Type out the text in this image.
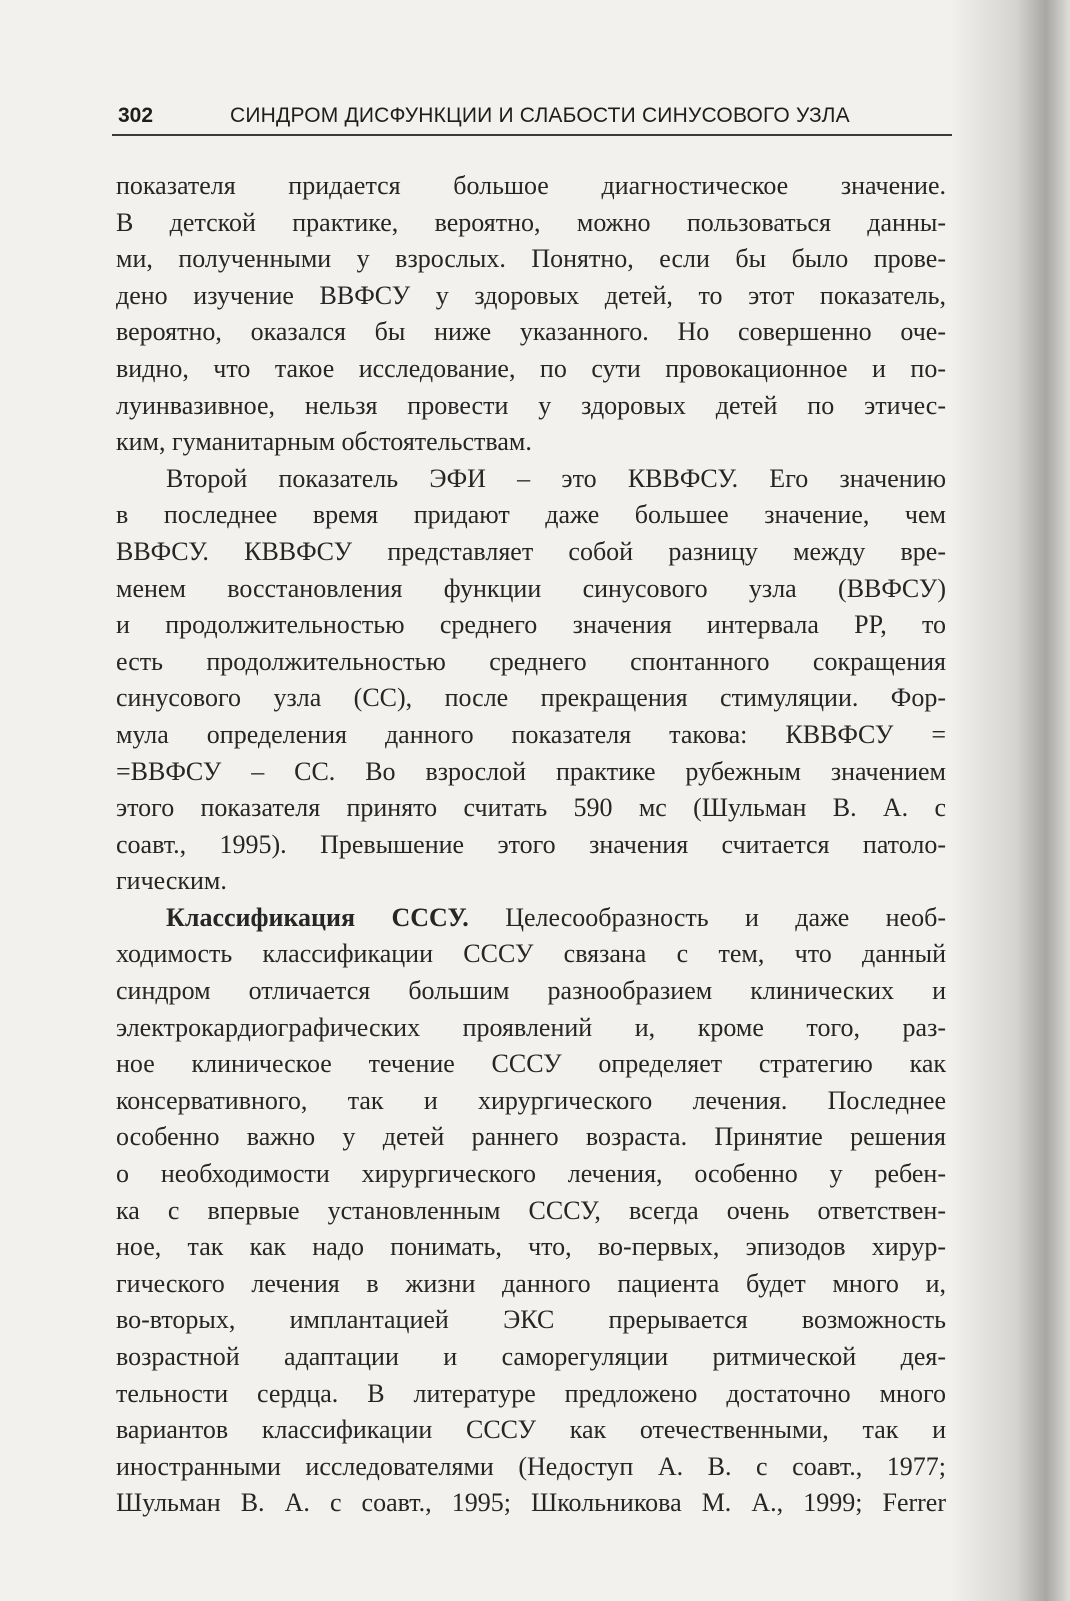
302	СИНДРОМ ДИСФУНКЦИИ И СЛАБОСТИ СИНУСОВОГО УЗЛА
показателя придается большое диагностическое значение.
В детской практике, вероятно, можно пользоваться данны-
ми, полученными у взрослых. Понятно, если бы было прове-
дено изучение ВВФСУ у здоровых детей, то этот показатель,
вероятно, оказался бы ниже указанного. Но совершенно оче-
видно, что такое исследование, по сути провокационное и по-
луинвазивное, нельзя провести у здоровых детей по этичес-
ким, гуманитарным обстоятельствам.
Второй показатель ЭФИ – это КВВФСУ. Его значению
в последнее время придают даже большее значение, чем
ВВФСУ. КВВФСУ представляет собой разницу между вре-
менем восстановления функции синусового узла (ВВФСУ)
и продолжительностью среднего значения интервала PP, то
есть продолжительностью среднего спонтанного сокращения
синусового узла (СС), после прекращения стимуляции. Фор-
мула определения данного показателя такова: КВВФСУ =
=ВВФСУ – СС. Во взрослой практике рубежным значением
этого показателя принято считать 590 мс (Шульман В. А. с
соавт., 1995). Превышение этого значения считается патоло-
гическим.
Классификация СССУ. Целесообразность и даже необ-
ходимость классификации СССУ связана с тем, что данный
синдром отличается большим разнообразием клинических и
электрокардиографических проявлений и, кроме того, раз-
ное клиническое течение СССУ определяет стратегию как
консервативного, так и хирургического лечения. Последнее
особенно важно у детей раннего возраста. Принятие решения
о необходимости хирургического лечения, особенно у ребен-
ка с впервые установленным СССУ, всегда очень ответствен-
ное, так как надо понимать, что, во-первых, эпизодов хирур-
гического лечения в жизни данного пациента будет много и,
во-вторых, имплантацией ЭКС прерывается возможность
возрастной адаптации и саморегуляции ритмической дея-
тельности сердца. В литературе предложено достаточно много
вариантов классификации СССУ как отечественными, так и
иностранными исследователями (Недоступ А. В. с соавт., 1977;
Шульман В. А. с соавт., 1995; Школьникова М. А., 1999; Ferrer
